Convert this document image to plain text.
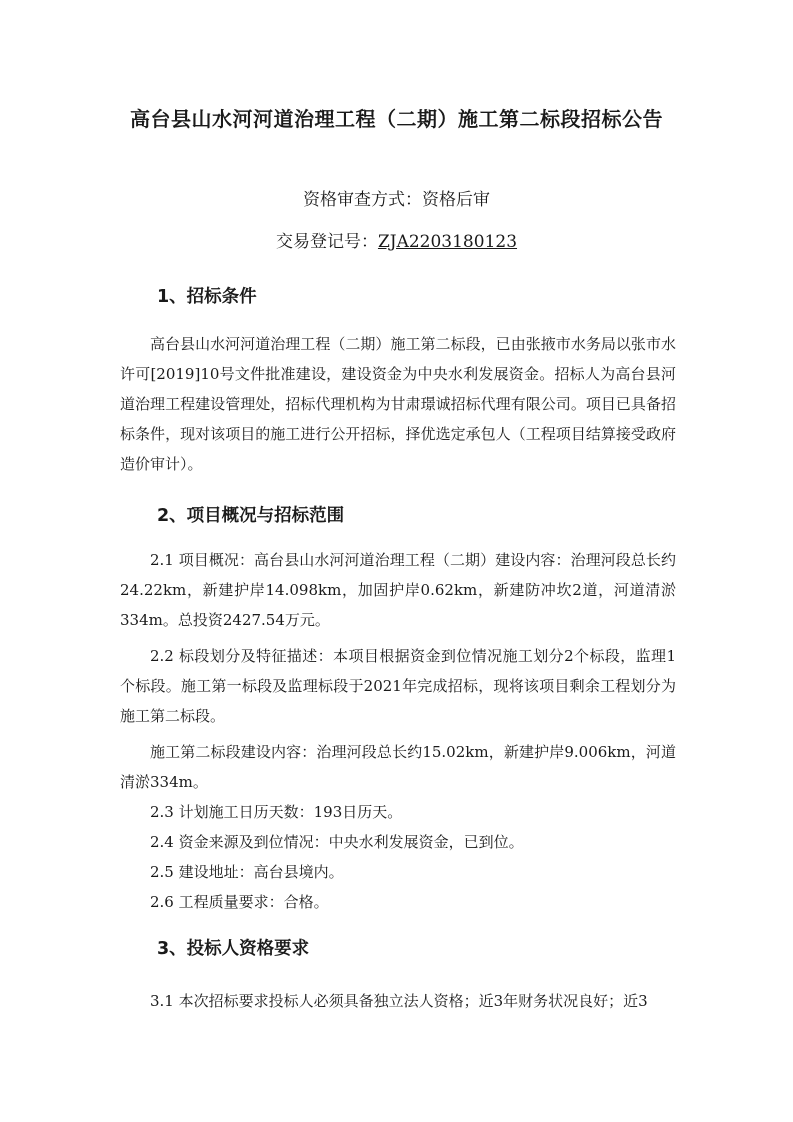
高台县山水河河道治理工程（二期）施工第二标段招标公告
资格审查方式：资格后审
交易登记号：ZJA2203180123
1、招标条件

高台县山水河河道治理工程（二期）施工第二标段，已由张掖市水务局以张市水许可[2019]10号文件批准建设，建设资金为中央水利发展资金。招标人为高台县河道治理工程建设管理处，招标代理机构为甘肃璟诚招标代理有限公司。项目已具备招标条件，现对该项目的施工进行公开招标，择优选定承包人（工程项目结算接受政府造价审计）。

2、项目概况与招标范围

2.1 项目概况：高台县山水河河道治理工程（二期）建设内容：治理河段总长约24.22km，新建护岸14.098km，加固护岸0.62km，新建防冲坎2道，河道清淤334m。总投资2427.54万元。

2.2 标段划分及特征描述：本项目根据资金到位情况施工划分2个标段，监理1个标段。施工第一标段及监理标段于2021年完成招标，现将该项目剩余工程划分为施工第二标段。

施工第二标段建设内容：治理河段总长约15.02km，新建护岸9.006km，河道清淤334m。

2.3 计划施工日历天数：193日历天。

2.4 资金来源及到位情况：中央水利发展资金，已到位。

2.5 建设地址：高台县境内。

2.6 工程质量要求：合格。

3、投标人资格要求

3.1 本次招标要求投标人必须具备独立法人资格；近3年财务状况良好；近3
